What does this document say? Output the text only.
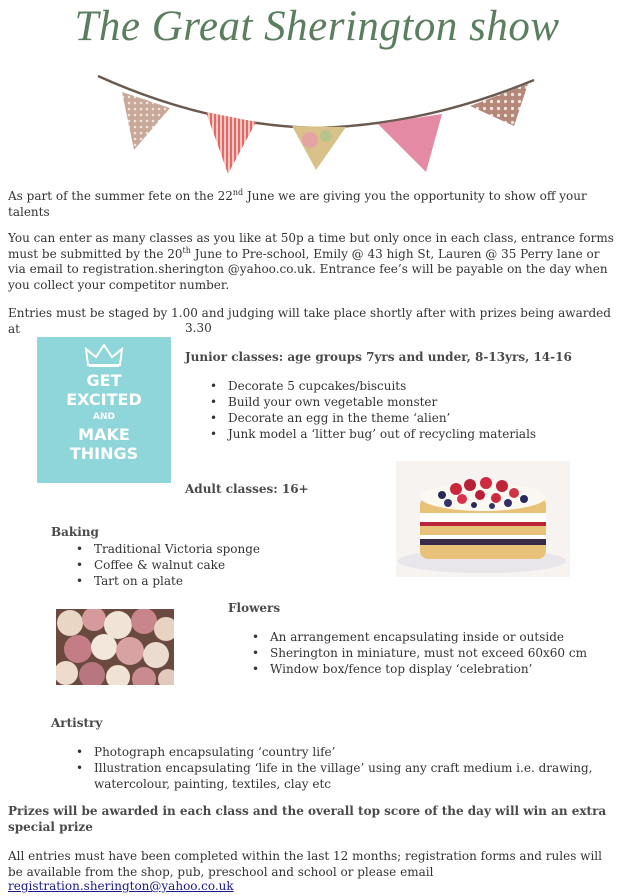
The Great Sherington show
As part of the summer fete on the 22nd June we are giving you the opportunity to show off your talents
You can enter as many classes as you like at 50p a time but only once in each class, entrance forms must be submitted by the 20th June to Pre-school, Emily @ 43 high St, Lauren @ 35 Perry lane or via email to registration.sherington @yahoo.co.uk. Entrance fee’s will be payable on the day when you collect your competitor number.
Entries must be staged by 1.00 and judging will take place shortly after with prizes being awarded at	3.30
GET
EXCITED
AND
MAKE
THINGS
Junior classes: age groups 7yrs and under, 8-13yrs, 14-16
• Decorate 5 cupcakes/biscuits
• Build your own vegetable monster
• Decorate an egg in the theme ‘alien’
• Junk model a ‘litter bug’ out of recycling materials
Adult classes: 16+
Baking
• Traditional Victoria sponge
• Coffee & walnut cake
• Tart on a plate
Flowers
• An arrangement encapsulating inside or outside
• Sherington in miniature, must not exceed 60x60 cm
• Window box/fence top display ‘celebration’
Artistry
• Photograph encapsulating ‘country life’
• Illustration encapsulating ‘life in the village’ using any craft medium i.e. drawing, watercolour, painting, textiles, clay etc
Prizes will be awarded in each class and the overall top score of the day will win an extra special prize
All entries must have been completed within the last 12 months; registration forms and rules will be available from the shop, pub, preschool and school or please email
registration.sherington@yahoo.co.uk
